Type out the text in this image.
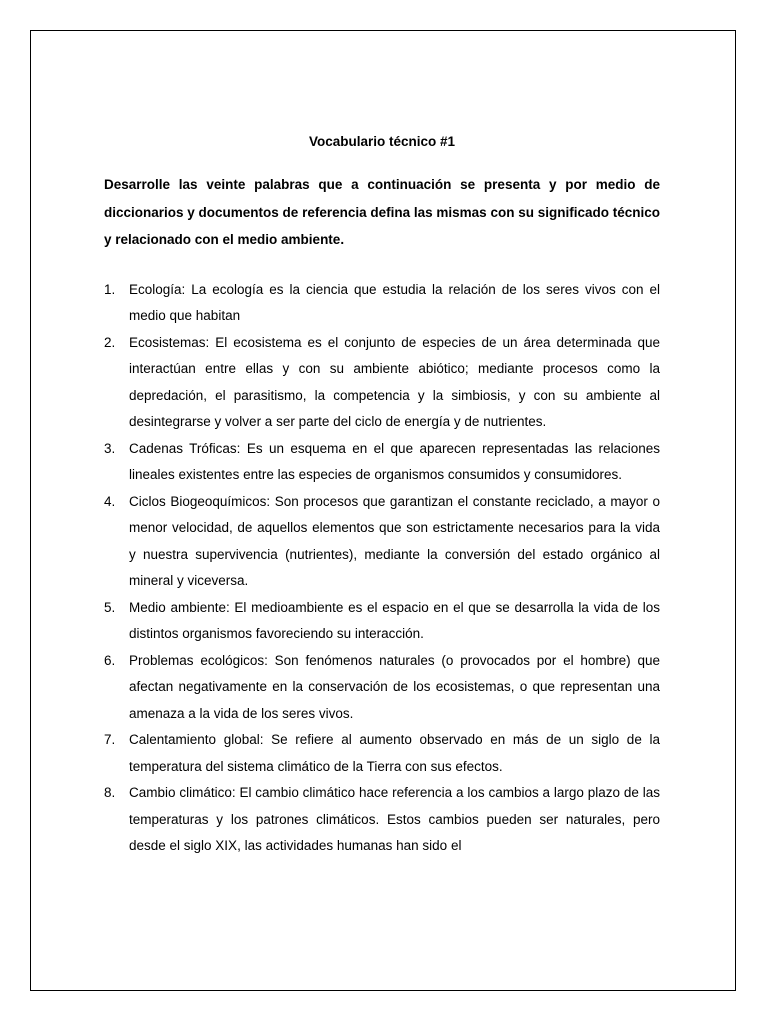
Vocabulario técnico #1
Desarrolle las veinte palabras que a continuación se presenta y por medio de diccionarios y documentos de referencia defina las mismas con su significado técnico y relacionado con el medio ambiente.
1. Ecología: La ecología es la ciencia que estudia la relación de los seres vivos con el medio que habitan
2. Ecosistemas: El ecosistema es el conjunto de especies de un área determinada que interactúan entre ellas y con su ambiente abiótico; mediante procesos como la depredación, el parasitismo, la competencia y la simbiosis, y con su ambiente al desintegrarse y volver a ser parte del ciclo de energía y de nutrientes.
3. Cadenas Tróficas: Es un esquema en el que aparecen representadas las relaciones lineales existentes entre las especies de organismos consumidos y consumidores.
4. Ciclos Biogeoquímicos: Son procesos que garantizan el constante reciclado, a mayor o menor velocidad, de aquellos elementos que son estrictamente necesarios para la vida y nuestra supervivencia (nutrientes), mediante la conversión del estado orgánico al mineral y viceversa.
5. Medio ambiente: El medioambiente es el espacio en el que se desarrolla la vida de los distintos organismos favoreciendo su interacción.
6. Problemas ecológicos: Son fenómenos naturales (o provocados por el hombre) que afectan negativamente en la conservación de los ecosistemas, o que representan una amenaza a la vida de los seres vivos.
7. Calentamiento global: Se refiere al aumento observado en más de un siglo de la temperatura del sistema climático de la Tierra con sus efectos.
8. Cambio climático: El cambio climático hace referencia a los cambios a largo plazo de las temperaturas y los patrones climáticos. Estos cambios pueden ser naturales, pero desde el siglo XIX, las actividades humanas han sido el
